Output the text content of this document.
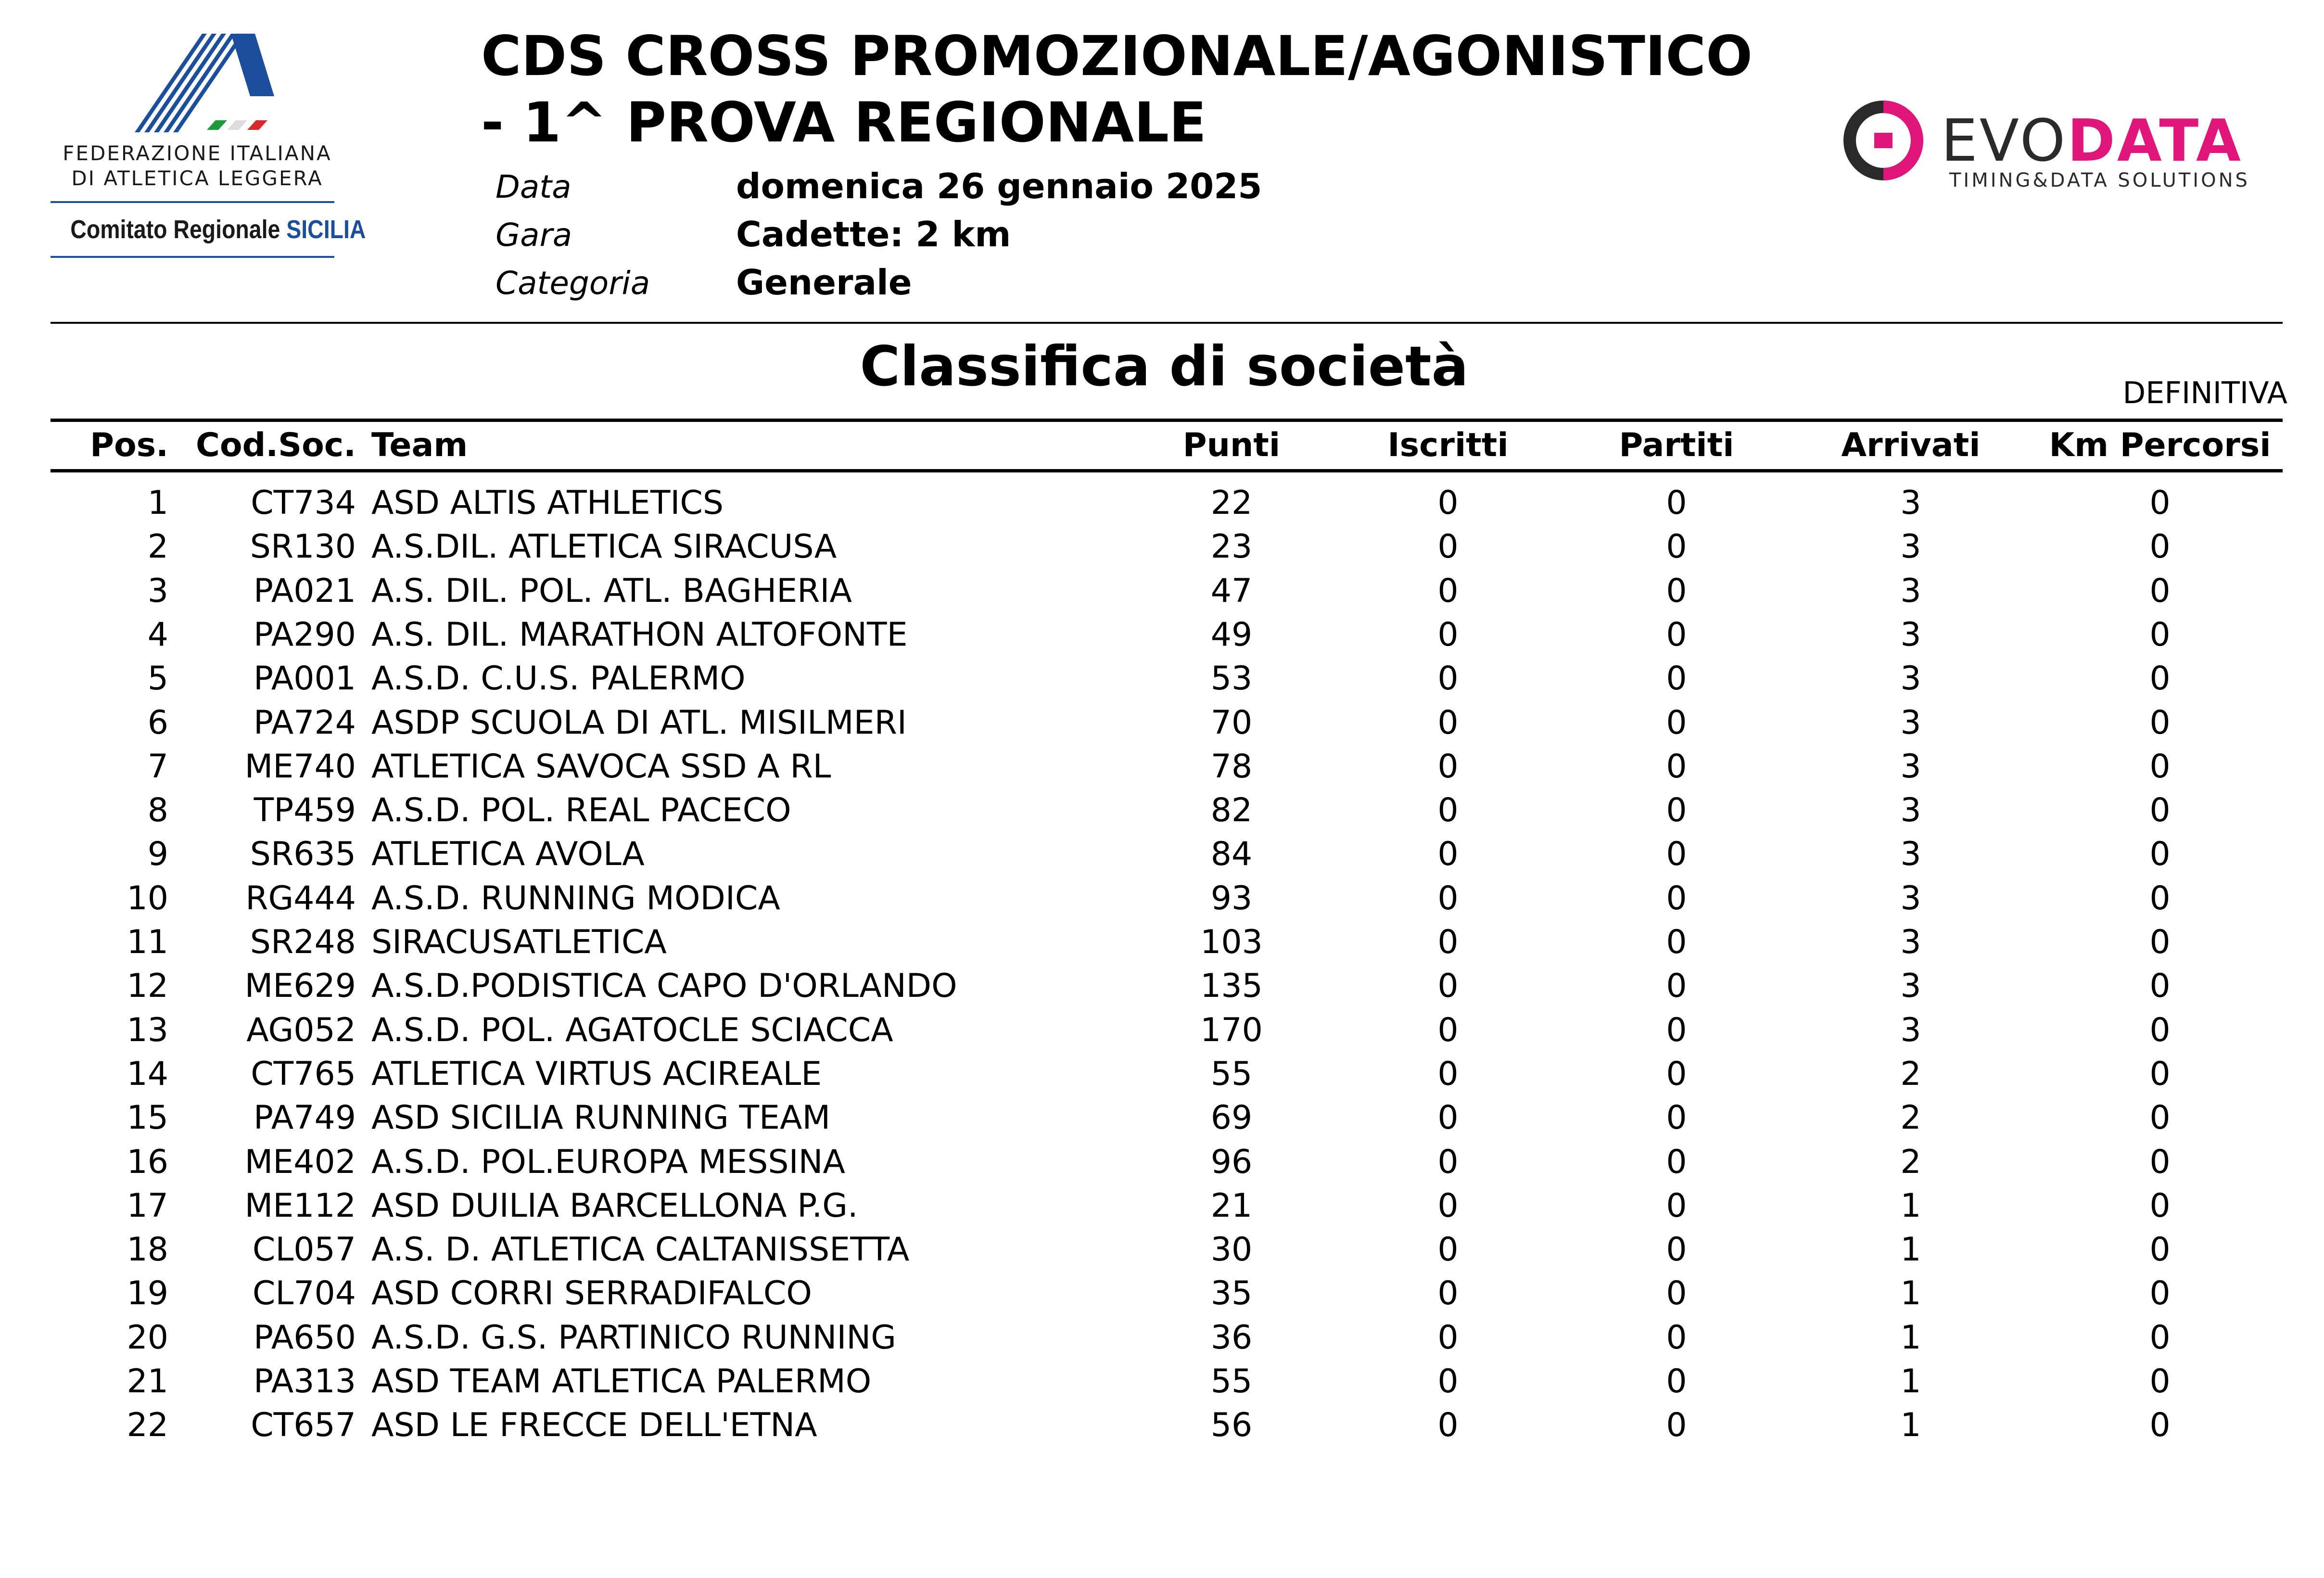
FEDERAZIONE ITALIANA
DI ATLETICA LEGGERA
Comitato Regionale SICILIA
CDS CROSS PROMOZIONALE/AGONISTICO
- 1^ PROVA REGIONALE
Data	domenica 26 gennaio 2025
Gara	Cadette: 2 km
Categoria Generale
EVODATA
TIMING&DATA SOLUTIONS
Classifica di società	DEFINITIVA
Pos. Cod.Soc. Team	Punti	Iscritti	Partiti	Arrivati	Km Percorsi
1	CT734 ASD ALTIS ATHLETICS	22	0	0	3	0
2	SR130 A.S.DIL. ATLETICA SIRACUSA	23	0	0	3	0
3	PA021 A.S. DIL. POL. ATL. BAGHERIA	47	0	0	3	0
4	PA290 A.S. DIL. MARATHON ALTOFONTE	49	0	0	3	0
5	PA001 A.S.D. C.U.S. PALERMO	53	0	0	3	0
6	PA724 ASDP SCUOLA DI ATL. MISILMERI	70	0	0	3	0
7	ME740 ATLETICA SAVOCA SSD A RL	78	0	0	3	0
8	TP459 A.S.D. POL. REAL PACECO	82	0	0	3	0
9	SR635 ATLETICA AVOLA	84	0	0	3	0
10	RG444 A.S.D. RUNNING MODICA	93	0	0	3	0
11	SR248 SIRACUSATLETICA	103	0	0	3	0
12	ME629 A.S.D.PODISTICA CAPO D'ORLANDO	135	0	0	3	0
13	AG052 A.S.D. POL. AGATOCLE SCIACCA	170	0	0	3	0
14	CT765 ATLETICA VIRTUS ACIREALE	55	0	0	2	0
15	PA749 ASD SICILIA RUNNING TEAM	69	0	0	2	0
16	ME402 A.S.D. POL.EUROPA MESSINA	96	0	0	2	0
17	ME112 ASD DUILIA BARCELLONA P.G.	21	0	0	1	0
18	CL057 A.S. D. ATLETICA CALTANISSETTA	30	0	0	1	0
19	CL704 ASD CORRI SERRADIFALCO	35	0	0	1	0
20	PA650 A.S.D. G.S. PARTINICO RUNNING	36	0	0	1	0
21	PA313 ASD TEAM ATLETICA PALERMO	55	0	0	1	0
22	CT657 ASD LE FRECCE DELL'ETNA	56	0	0	1	0
